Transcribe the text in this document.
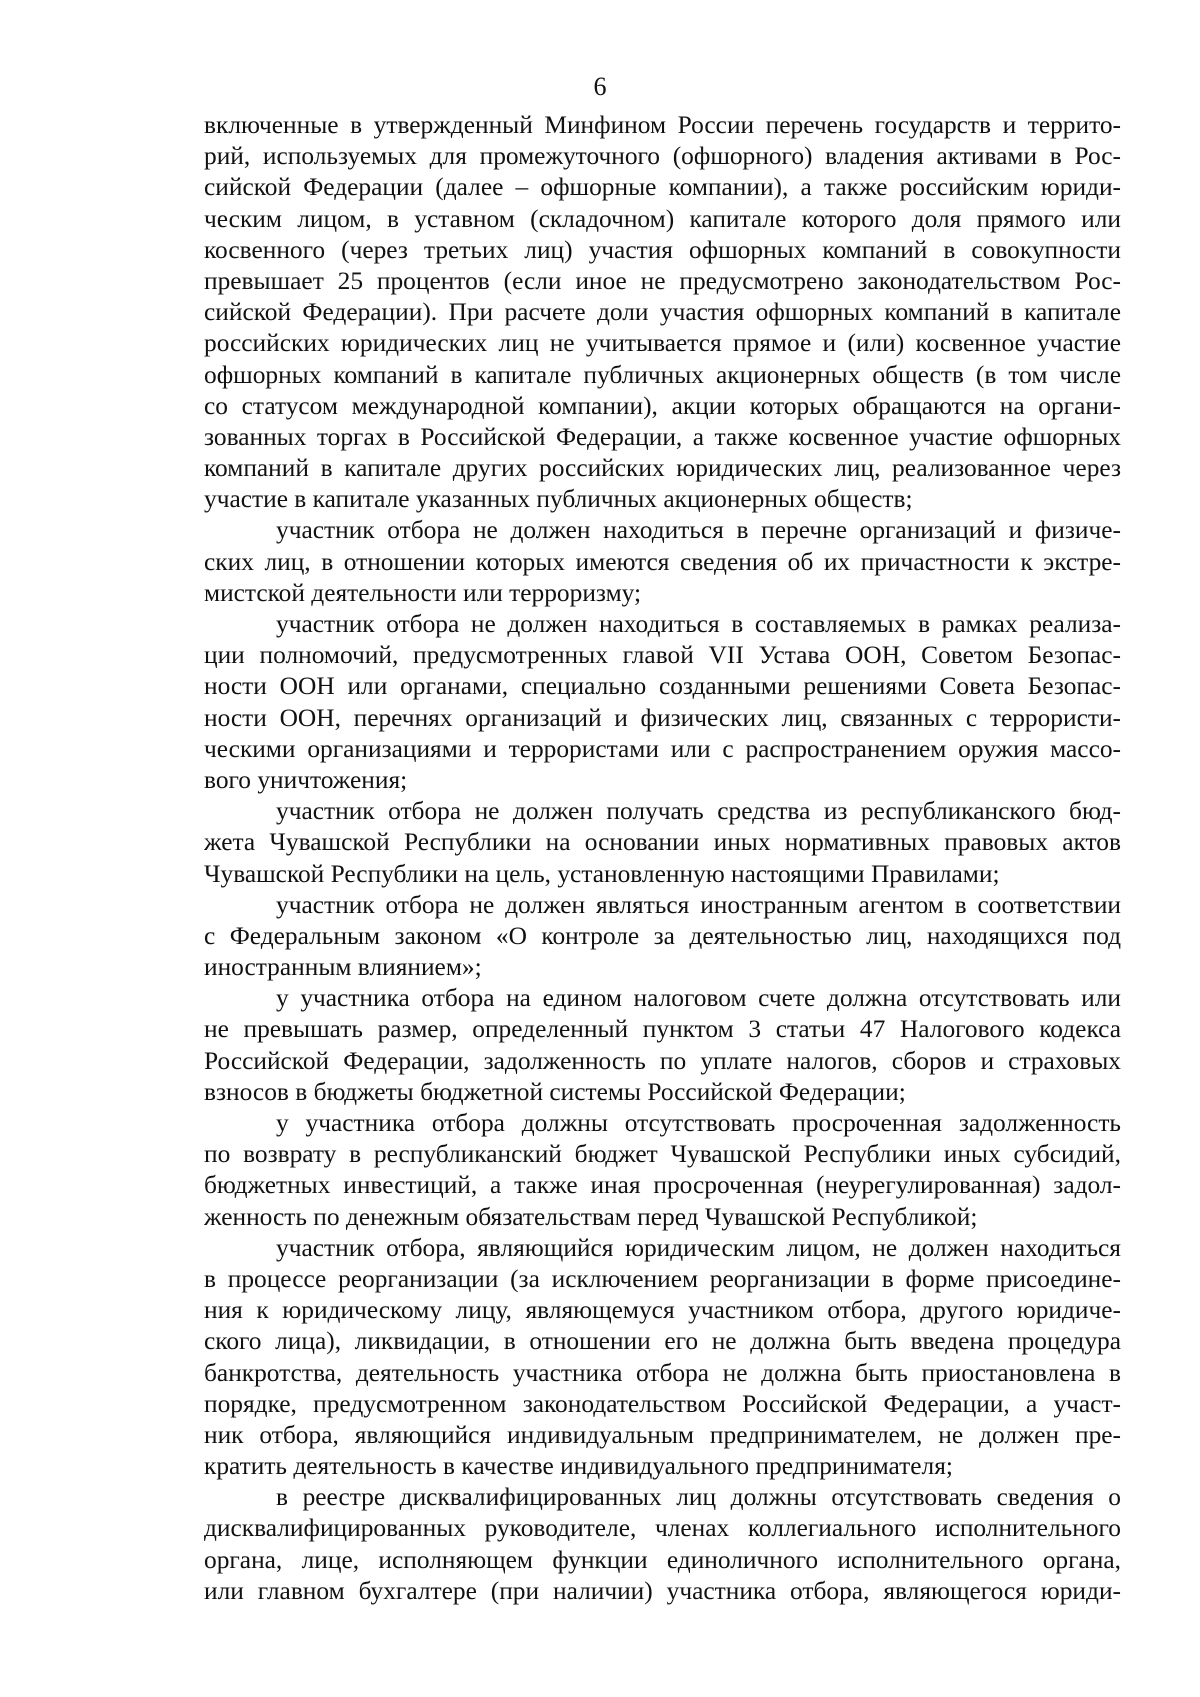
6
включенные в утвержденный Минфином России перечень государств и террито-
рий, используемых для промежуточного (офшорного) владения активами в Рос-
сийской Федерации (далее – офшорные компании), а также российским юриди-
ческим лицом, в уставном (складочном) капитале которого доля прямого или
косвенного (через третьих лиц) участия офшорных компаний в совокупности
превышает 25 процентов (если иное не предусмотрено законодательством Рос-
сийской Федерации). При расчете доли участия офшорных компаний в капитале
российских юридических лиц не учитывается прямое и (или) косвенное участие
офшорных компаний в капитале публичных акционерных обществ (в том числе
со статусом международной компании), акции которых обращаются на органи-
зованных торгах в Российской Федерации, а также косвенное участие офшорных
компаний в капитале других российских юридических лиц, реализованное через
участие в капитале указанных публичных акционерных обществ;
участник отбора не должен находиться в перечне организаций и физиче-
ских лиц, в отношении которых имеются сведения об их причастности к экстре-
мистской деятельности или терроризму;
участник отбора не должен находиться в составляемых в рамках реализа-
ции полномочий, предусмотренных главой VII Устава ООН, Советом Безопас-
ности ООН или органами, специально созданными решениями Совета Безопас-
ности ООН, перечнях организаций и физических лиц, связанных с террористи-
ческими организациями и террористами или с распространением оружия массо-
вого уничтожения;
участник отбора не должен получать средства из республиканского бюд-
жета Чувашской Республики на основании иных нормативных правовых актов
Чувашской Республики на цель, установленную настоящими Правилами;
участник отбора не должен являться иностранным агентом в соответствии
с Федеральным законом «О контроле за деятельностью лиц, находящихся под
иностранным влиянием»;
у участника отбора на едином налоговом счете должна отсутствовать или
не превышать размер, определенный пунктом 3 статьи 47 Налогового кодекса
Российской Федерации, задолженность по уплате налогов, сборов и страховых
взносов в бюджеты бюджетной системы Российской Федерации;
у участника отбора должны отсутствовать просроченная задолженность
по возврату в республиканский бюджет Чувашской Республики иных субсидий,
бюджетных инвестиций, а также иная просроченная (неурегулированная) задол-
женность по денежным обязательствам перед Чувашской Республикой;
участник отбора, являющийся юридическим лицом, не должен находиться
в процессе реорганизации (за исключением реорганизации в форме присоедине-
ния к юридическому лицу, являющемуся участником отбора, другого юридиче-
ского лица), ликвидации, в отношении его не должна быть введена процедура
банкротства, деятельность участника отбора не должна быть приостановлена в
порядке, предусмотренном законодательством Российской Федерации, а участ-
ник отбора, являющийся индивидуальным предпринимателем, не должен пре-
кратить деятельность в качестве индивидуального предпринимателя;
в реестре дисквалифицированных лиц должны отсутствовать сведения о
дисквалифицированных руководителе, членах коллегиального исполнительного
органа, лице, исполняющем функции единоличного исполнительного органа,
или главном бухгалтере (при наличии) участника отбора, являющегося юриди-
